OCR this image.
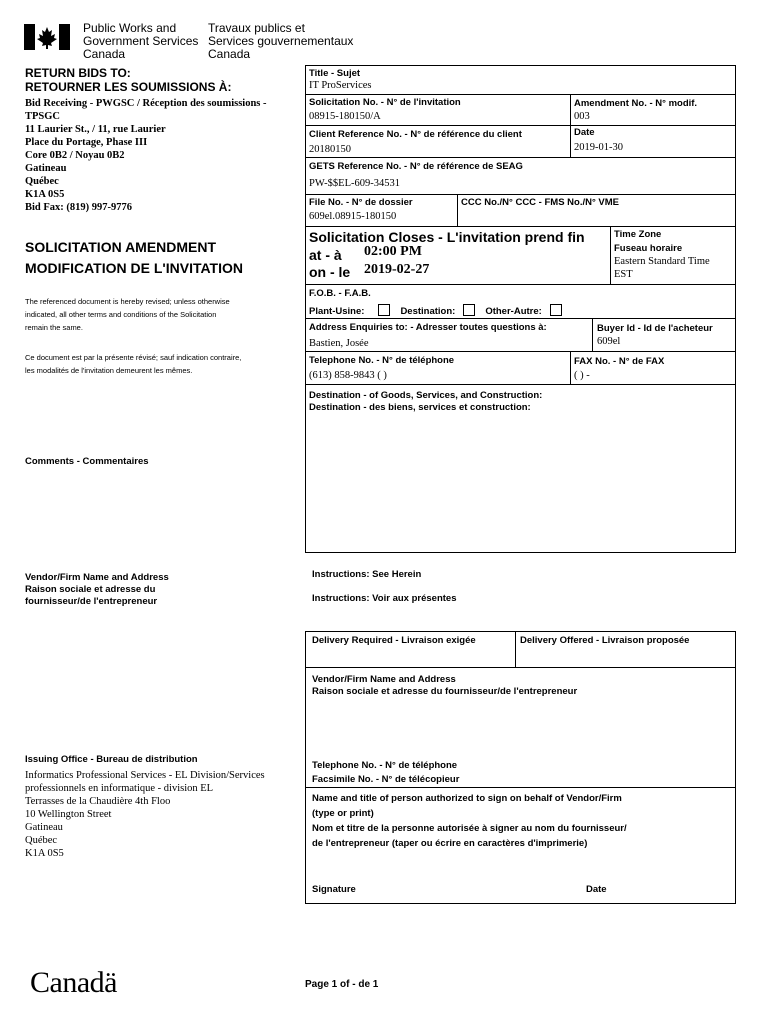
Public Works and
Government Services
Canada
Travaux publics et
Services gouvernementaux
Canada
RETURN BIDS TO:
RETOURNER LES SOUMISSIONS À:
Bid Receiving - PWGSC / Réception des soumissions -
TPSGC
11 Laurier St., / 11, rue Laurier
Place du Portage, Phase III
Core 0B2 / Noyau 0B2
Gatineau
Québec
K1A 0S5
Bid Fax: (819) 997-9776
SOLICITATION AMENDMENT
MODIFICATION DE L'INVITATION
The referenced document is hereby revised; unless otherwise
indicated, all other terms and conditions of the Solicitation
remain the same.
Ce document est par la présente révisé; sauf indication contraire,
les modalités de l'invitation demeurent les mêmes.
Comments - Commentaires
Vendor/Firm Name and Address
Raison sociale et adresse du
fournisseur/de l'entrepreneur
Issuing Office - Bureau de distribution
Informatics Professional Services - EL Division/Services
professionnels en informatique - division EL
Terrasses de la Chaudière 4th Floo
10 Wellington Street
Gatineau
Québec
K1A 0S5
Title - Sujet
IT ProServices
Solicitation No. - N° de l'invitation
08915-180150/A
Amendment No. - N° modif.
003
Client Reference No. - N° de référence du client
20180150
Date
2019-01-30
GETS Reference No. - N° de référence de SEAG
PW-$$EL-609-34531
File No. - N° de dossier
609el.08915-180150
CCC No./N° CCC - FMS No./N° VME
Solicitation Closes - L'invitation prend fin
at - à 02:00 PM
on - le 2019-02-27
Time Zone
Fuseau horaire
Eastern Standard Time
EST
F.O.B. - F.A.B.
Plant-Usine:	Destination:	Other-Autre:
Address Enquiries to: - Adresser toutes questions à:
Bastien, Josée
Buyer Id - Id de l'acheteur
609el
Telephone No. - N° de téléphone
(613) 858-9843 ( )
FAX No. - N° de FAX
( ) -
Destination - of Goods, Services, and Construction:
Destination - des biens, services et construction:
Instructions: See Herein
Instructions: Voir aux présentes
Delivery Required - Livraison exigée	Delivery Offered - Livraison proposée
Vendor/Firm Name and Address
Raison sociale et adresse du fournisseur/de l'entrepreneur
Telephone No. - N° de téléphone
Facsimile No. - N° de télécopieur
Name and title of person authorized to sign on behalf of Vendor/Firm
(type or print)
Nom et titre de la personne autorisée à signer au nom du fournisseur/
de l'entrepreneur (taper ou écrire en caractères d'imprimerie)
Signature	Date
Canadä	Page 1 of - de 1
